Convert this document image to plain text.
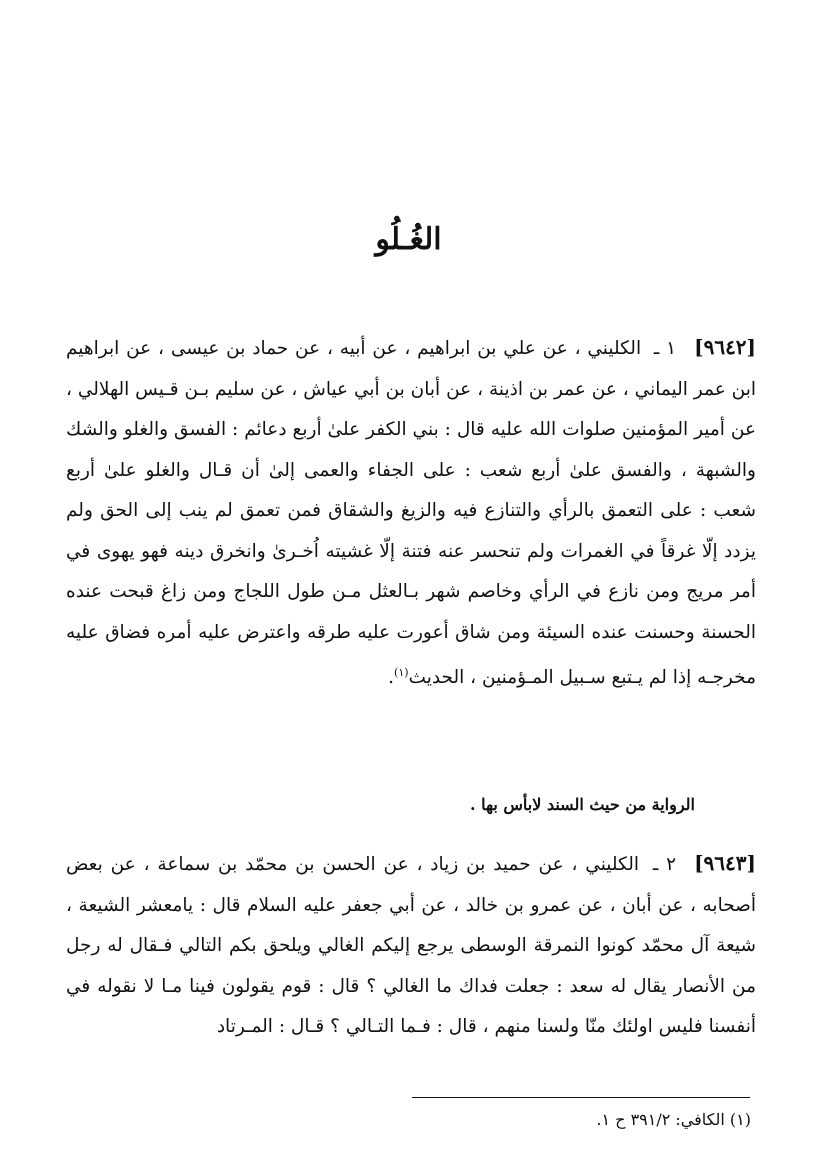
الغُـلُو
[٩٦٤٢]١ ـ الكليني ، عن علي بن ابراهيم ، عن أبيه ، عن حماد بن عيسى ، عن ابراهيم ابن عمر اليماني ، عن عمر بن اذينة ، عن أبان بن أبي عياش ، عن سليم بـن قـيس الهلالي ، عن أمير المؤمنين صلوات الله عليه قال : بني الكفر علىٰ أربع دعائم : الفسق والغلو والشك والشبهة ، والفسق علىٰ أربع شعب : على الجفاء والعمى إلىٰ أن قـال والغلو علىٰ أربع شعب : على التعمق بالرأي والتنازع فيه والزيغ والشقاق فمن تعمق لم ينب إلى الحق ولم يزدد إلّا غرقاً في الغمرات ولم تنحسر عنه فتنة إلّا غشيته اُخـرىٰ وانخرق دينه فهو يهوى في أمر مريج ومن نازع في الرأي وخاصم شهر بـالعثل مـن طول اللجاج ومن زاغ قبحت عنده الحسنة وحسنت عنده السيئة ومن شاق أعورت عليه طرقه واعترض عليه أمره فضاق عليه مخرجـه إذا لم يـتبع سـبيل المـؤمنين ، الحديث$^{(١)}$.
الرواية من حيث السند لابأس بها .
[٩٦٤٣]٢ ـ الكليني ، عن حميد بن زياد ، عن الحسن بن محمّد بن سماعة ، عن بعض أصحابه ، عن أبان ، عن عمرو بن خالد ، عن أبي جعفر عليه السلام قال : يامعشر الشيعة ، شيعة آل محمّد كونوا النمرقة الوسطى يرجع إليكم الغالي ويلحق بكم التالي فـقال له رجل من الأنصار يقال له سعد : جعلت فداك ما الغالي ؟ قال : قوم يقولون فينا مـا لا نقوله في أنفسنا فليس اولئك منّا ولسنا منهم ، قال : فـما التـالي ؟ قـال : المـرتاد
(١) الكافي: ٣٩١/٢ ح ١.
